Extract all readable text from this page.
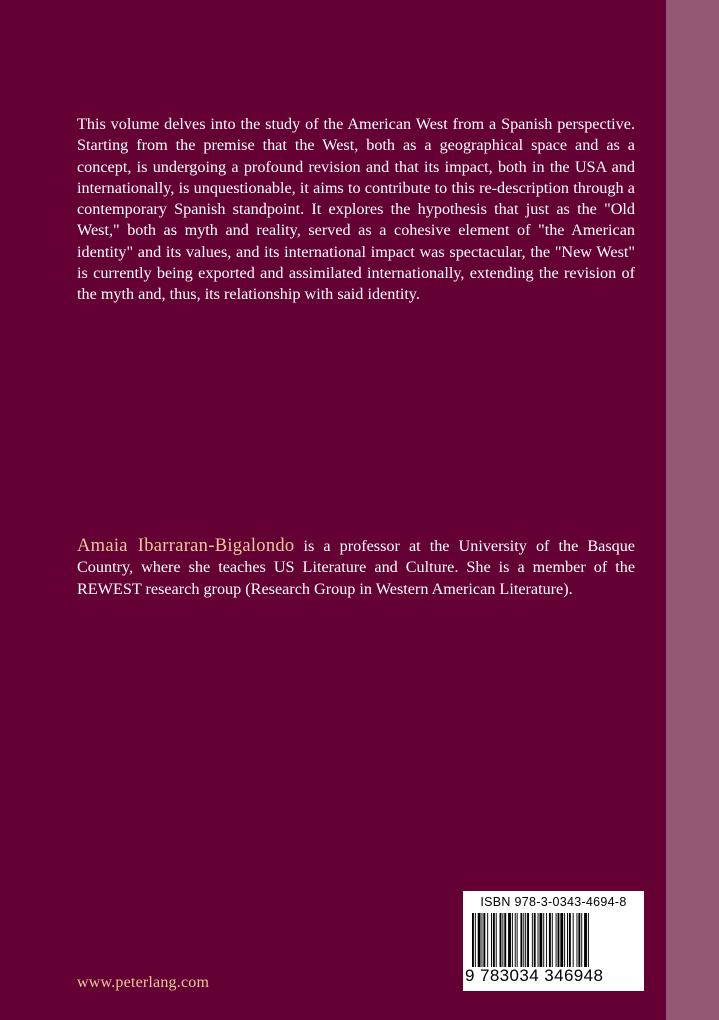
This volume delves into the study of the American West from a Spanish perspective. Starting from the premise that the West, both as a geographical space and as a concept, is undergoing a profound revision and that its impact, both in the USA and internationally, is unquestionable, it aims to contribute to this re-description through a contemporary Spanish standpoint. It explores the hypothesis that just as the "Old West," both as myth and reality, served as a cohesive element of "the American identity" and its values, and its international impact was spectacular, the "New West" is currently being exported and assimilated internationally, extending the revision of the myth and, thus, its relationship with said identity.

Amaia Ibarraran-Bigalondo is a professor at the University of the Basque Country, where she teaches US Literature and Culture. She is a member of the REWEST research group (Research Group in Western American Literature).

www.peterlang.com
ISBN 978-3-0343-4694-8
9 783034 346948
